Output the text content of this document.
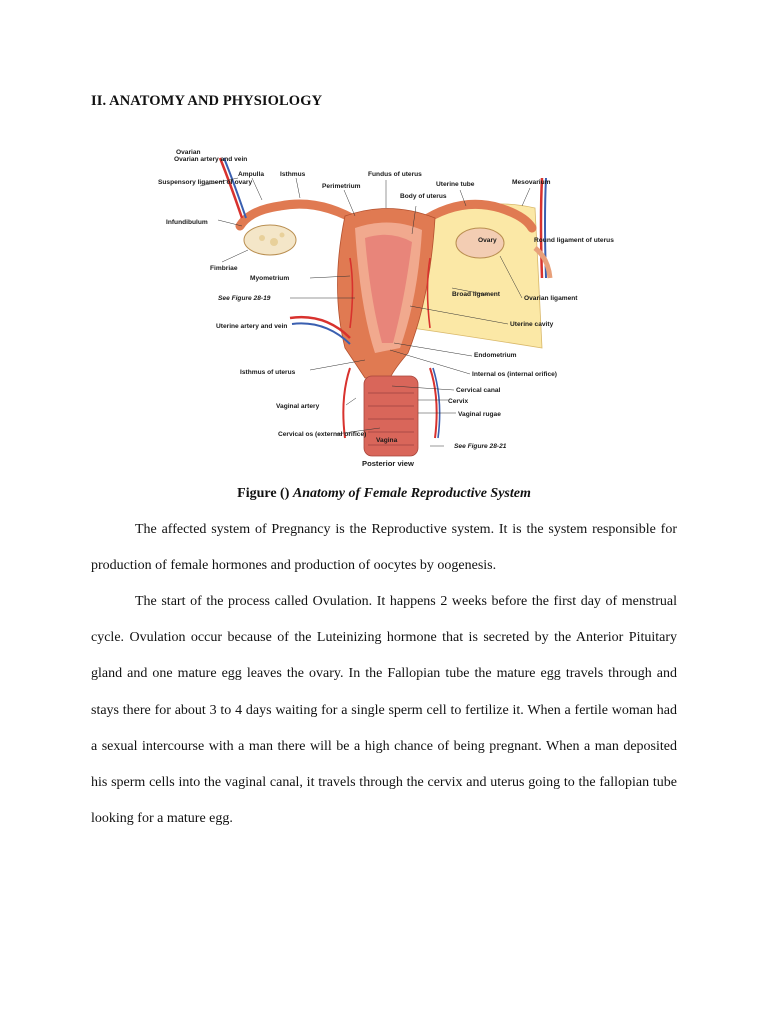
II. ANATOMY AND PHYSIOLOGY
Ovarian Ovarian artery and vein
Suspensory ligament of ovary
Infundibulum
Fimbriae
Ampulla Isthmus
Perimetrium
Fundus of uterus
Body of uterus
Uterine tube	Mesovarium
Ovary	Round ligament of uterus
Myometrium
See Figure 28-19
Broad ligament
Ovarian ligament
Uterine artery and vein	Uterine cavity
Endometrium
Isthmus of uterus	Internal os (internal orifice)
Cervical canal
Cervix
Vaginal artery
Vaginal rugae
Cervical os (external orifice)
Vagina
See Figure 28-21
Posterior view
Figure () Anatomy of Female Reproductive System
The affected system of Pregnancy is the Reproductive system. It is the system responsible for production of female hormones and production of oocytes by oogenesis.
The start of the process called Ovulation. It happens 2 weeks before the first day of menstrual cycle. Ovulation occur because of the Luteinizing hormone that is secreted by the Anterior Pituitary gland and one mature egg leaves the ovary. In the Fallopian tube the mature egg travels through and stays there for about 3 to 4 days waiting for a single sperm cell to fertilize it. When a fertile woman had a sexual intercourse with a man there will be a high chance of being pregnant. When a man deposited his sperm cells into the vaginal canal, it travels through the cervix and uterus going to the fallopian tube looking for a mature egg.
